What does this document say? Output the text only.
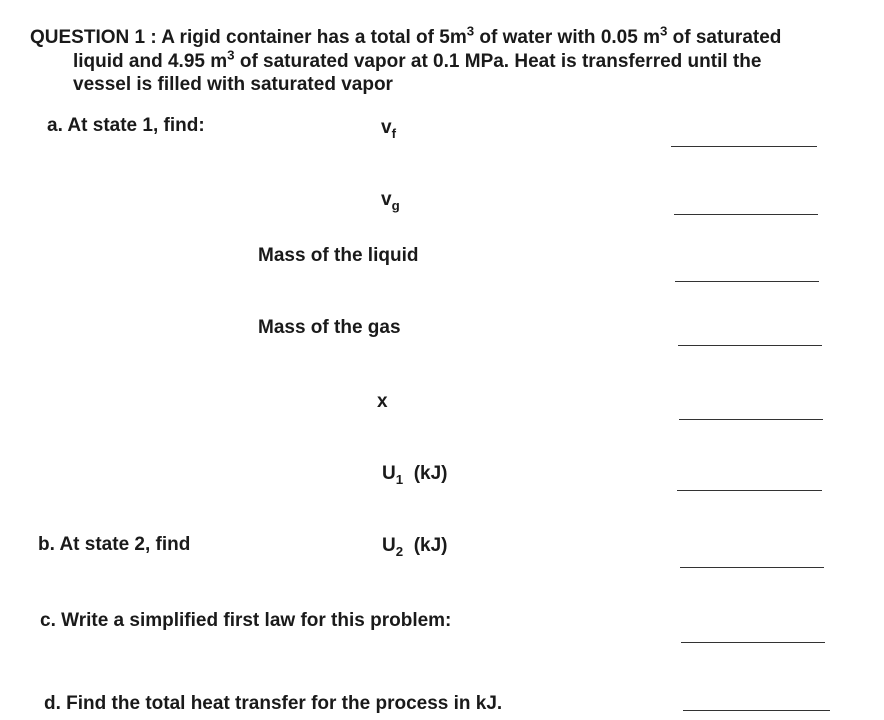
QUESTION 1 : A rigid container has a total of $5m^3$ of water with 0.05 $m^3$ of saturated
liquid and 4.95 $m^3$ of saturated vapor at 0.1 MPa. Heat is transferred until the
vessel is filled with saturated vapor
a. At state 1, find:	$v_f$
$v_g$
Mass of the liquid
Mass of the gas
x
$U_1$ (kJ)
b. At state 2, find	$U_2$ (kJ)
c. Write a simplified first law for this problem:
d. Find the total heat transfer for the process in kJ.
